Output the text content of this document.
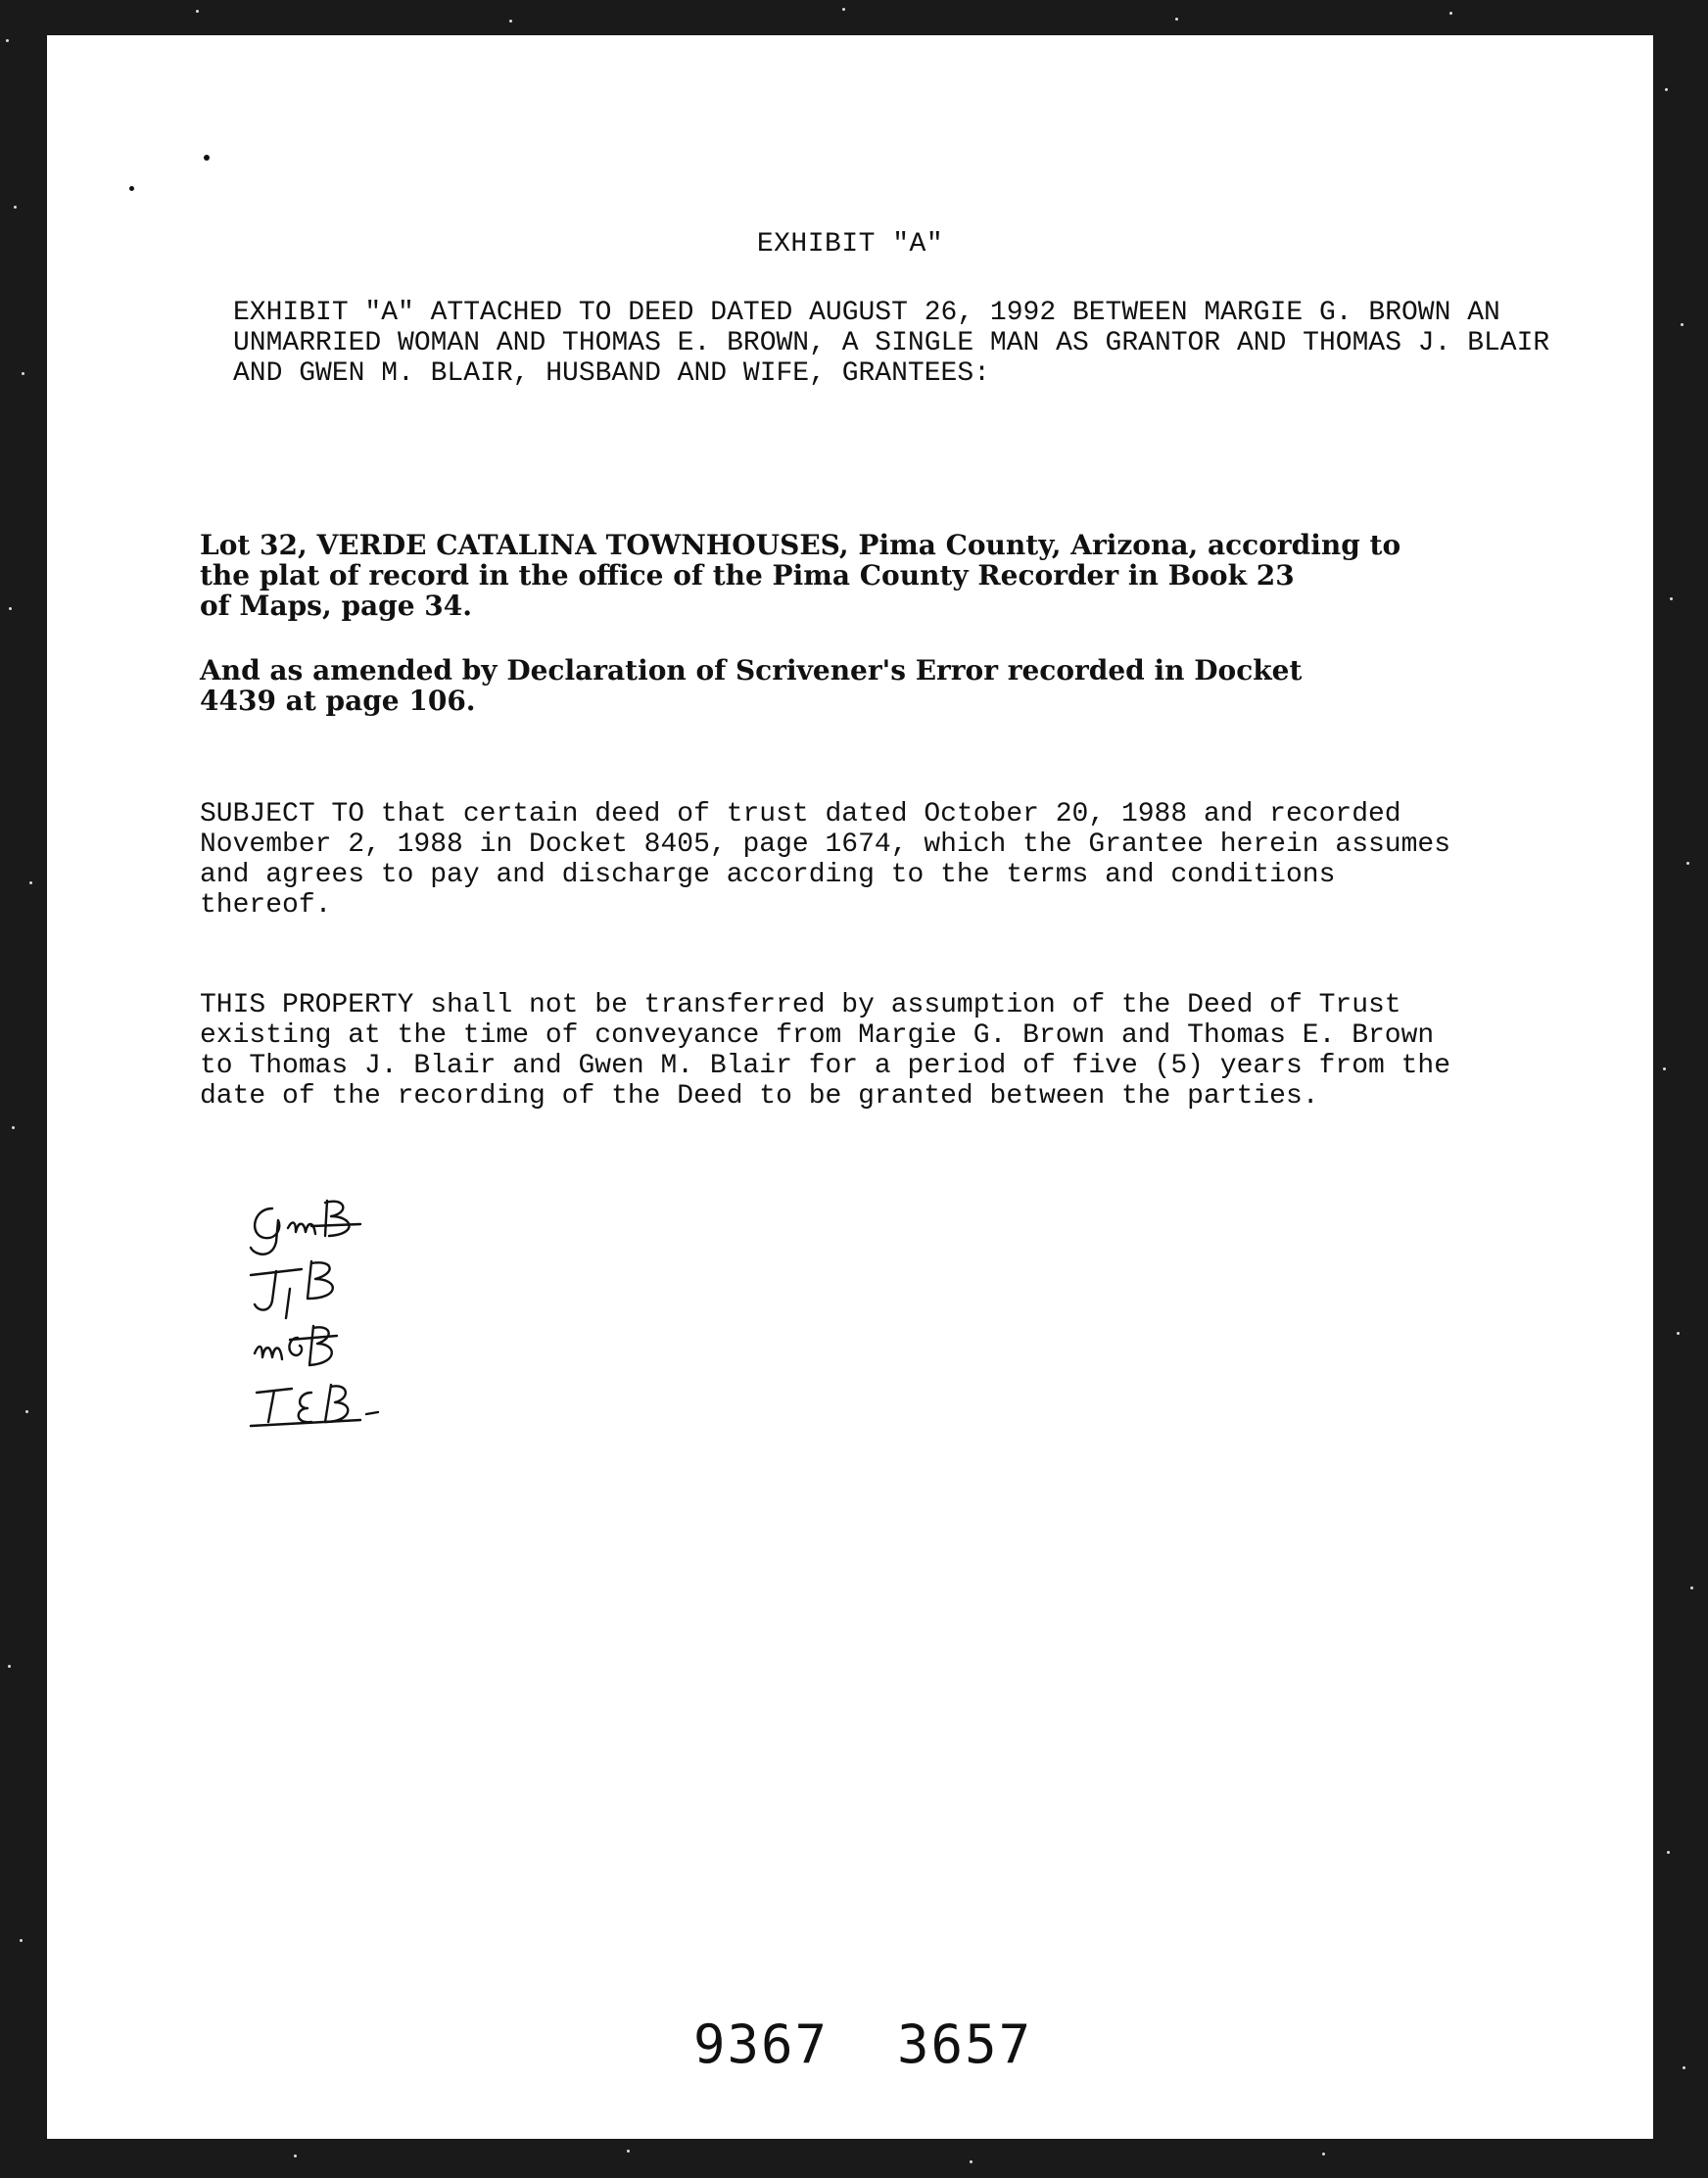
EXHIBIT "A"
EXHIBIT "A" ATTACHED TO DEED DATED AUGUST 26, 1992 BETWEEN MARGIE G. BROWN AN
UNMARRIED WOMAN AND THOMAS E. BROWN, A SINGLE MAN AS GRANTOR AND THOMAS J. BLAIR
AND GWEN M. BLAIR, HUSBAND AND WIFE, GRANTEES:
Lot 32, VERDE CATALINA TOWNHOUSES, Pima County, Arizona, according to
the plat of record in the office of the Pima County Recorder in Book 23
of Maps, page 34.
And as amended by Declaration of Scrivener's Error recorded in Docket
4439 at page 106.
SUBJECT TO that certain deed of trust dated October 20, 1988 and recorded
November 2, 1988 in Docket 8405, page 1674, which the Grantee herein assumes
and agrees to pay and discharge according to the terms and conditions
thereof.
THIS PROPERTY shall not be transferred by assumption of the Deed of Trust
existing at the time of conveyance from Margie G. Brown and Thomas E. Brown
to Thomas J. Blair and Gwen M. Blair for a period of five (5) years from the
date of the recording of the Deed to be granted between the parties.
9367 3657
